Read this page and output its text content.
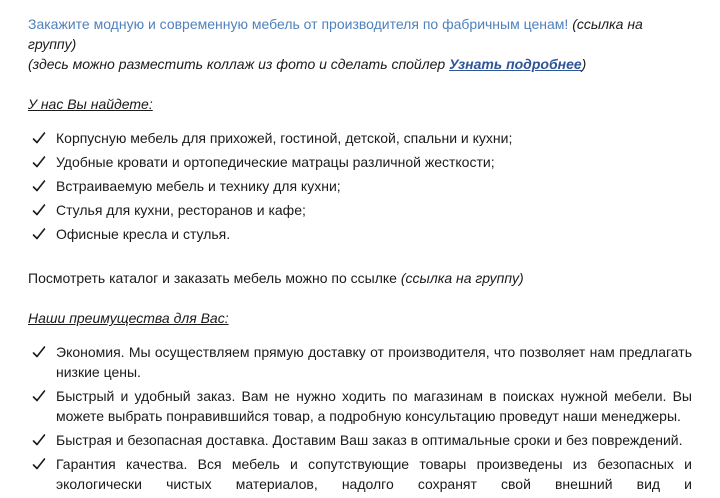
Закажите модную и современную мебель от производителя по фабричным ценам! (ссылка на группу)

(здесь можно разместить коллаж из фото и сделать спойлер Узнать подробнее)

У нас Вы найдете:

Корпусную мебель для прихожей, гостиной, детской, спальни и кухни;
Удобные кровати и ортопедические матрацы различной жесткости;
Встраиваемую мебель и технику для кухни;
Стулья для кухни, ресторанов и кафе;
Офисные кресла и стулья.

Посмотреть каталог и заказать мебель можно по ссылке (ссылка на группу)

Наши преимущества для Вас:

Экономия. Мы осуществляем прямую доставку от производителя, что позволяет нам предлагать низкие цены.
Быстрый и удобный заказ. Вам не нужно ходить по магазинам в поисках нужной мебели. Вы можете выбрать понравившийся товар, а подробную консультацию проведут наши менеджеры.
Быстрая и безопасная доставка. Доставим Ваш заказ в оптимальные сроки и без повреждений.
Гарантия качества. Вся мебель и сопутствующие товары произведены из безопасных и экологически чистых материалов, надолго сохранят свой внешний вид и
